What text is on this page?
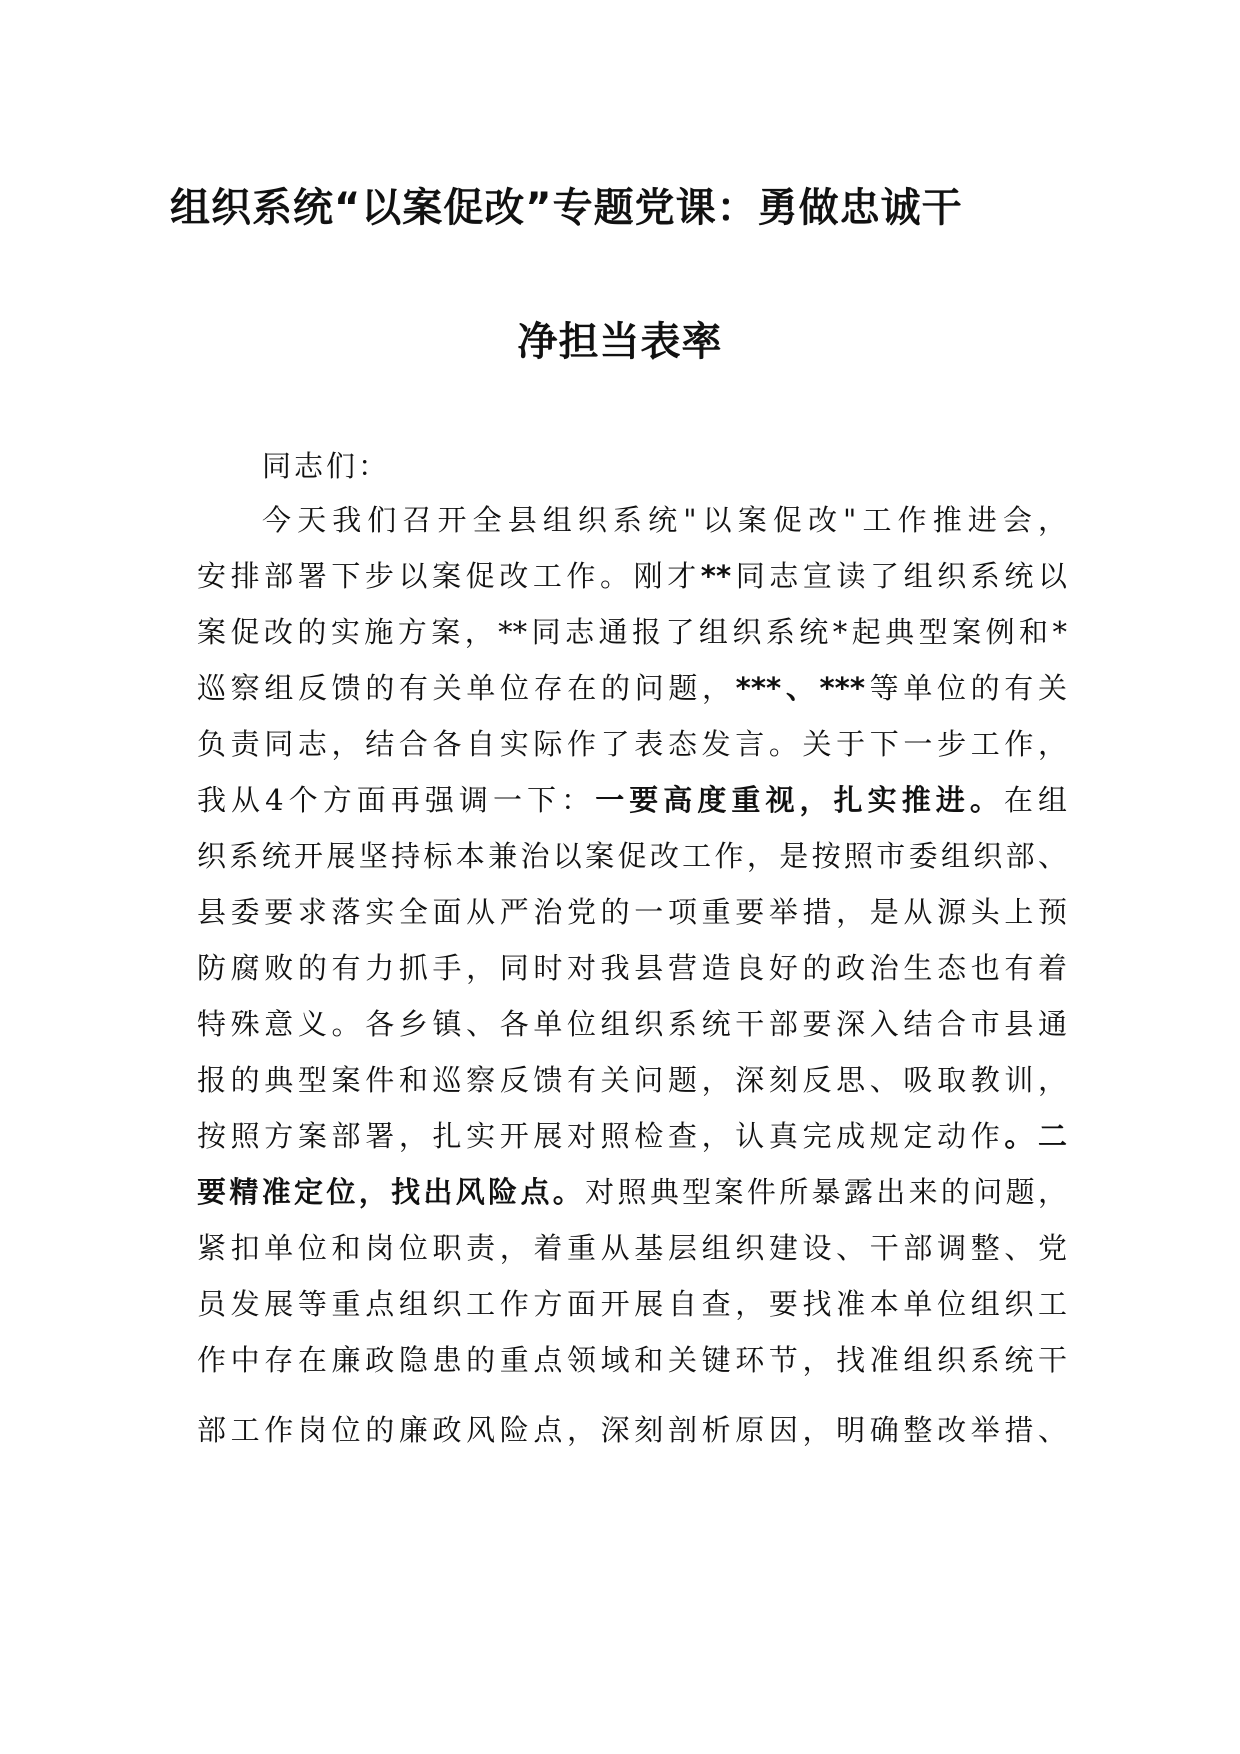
组织系统“以案促改”专题党课：勇做忠诚干
净担当表率

同志们：

今天我们召开全县组织系统"以案促改"工作推进会，

安排部署下步以案促改工作。刚才**同志宣读了组织系统以

案促改的实施方案，**同志通报了组织系统*起典型案例和*

巡察组反馈的有关单位存在的问题，***、***等单位的有关

负责同志，结合各自实际作了表态发言。关于下一步工作，

我从4个方面再强调一下：一要高度重视，扎实推进。在组

织系统开展坚持标本兼治以案促改工作，是按照市委组织部、

县委要求落实全面从严治党的一项重要举措，是从源头上预

防腐败的有力抓手，同时对我县营造良好的政治生态也有着

特殊意义。各乡镇、各单位组织系统干部要深入结合市县通

报的典型案件和巡察反馈有关问题，深刻反思、吸取教训，

按照方案部署，扎实开展对照检查，认真完成规定动作。二

要精准定位，找出风险点。对照典型案件所暴露出来的问题，

紧扣单位和岗位职责，着重从基层组织建设、干部调整、党

员发展等重点组织工作方面开展自查，要找准本单位组织工

作中存在廉政隐患的重点领域和关键环节，找准组织系统干

部工作岗位的廉政风险点，深刻剖析原因，明确整改举措、
